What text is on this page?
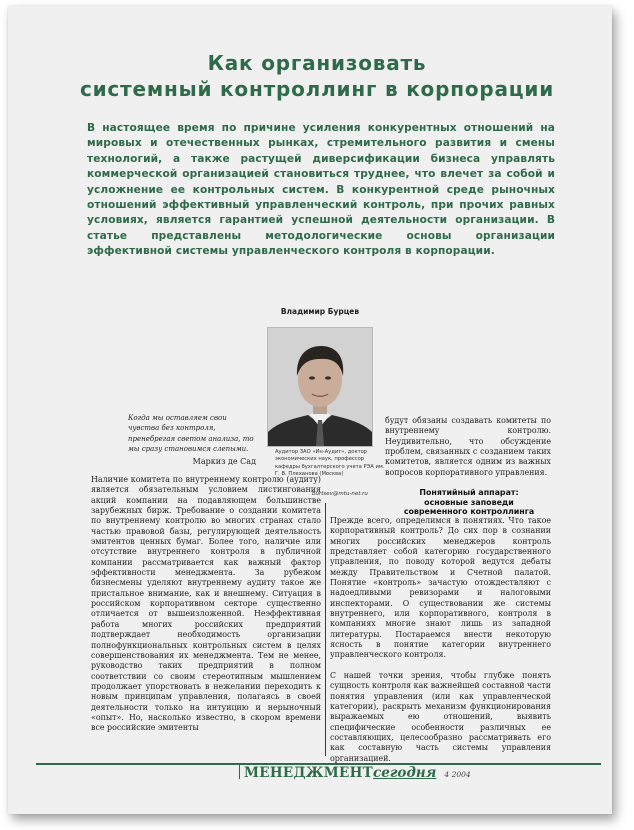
Как организовать
системный контроллинг в корпорации
В настоящее время по причине усиления конкурентных отношений на мировых и отечественных рынках, стремительного развития и смены технологий, а также растущей диверсификации бизнеса управлять коммерческой организацией становиться труднее, что влечет за собой и усложнение ее контрольных систем. В конкурентной среде рыночных отношений эффективный управленческий контроль, при прочих равных условиях, является гарантией успешной деятельности организации. В статье представлены методологические основы организации эффективной системы управленческого контроля в корпорации.
Владимир Бурцев
Аудитор ЗАО «Ин-Аудит», доктор экономических наук, профессор кафедры бухгалтерского учета РЭА им. Г. В. Плеханова (Москва)
burtsev@mtu-net.ru
Когда мы оставляем свои чувства без контроля, пренебрегая светом анализа, то мы сразу становимся слепыми.
Маркиз де Сад

Наличие комитета по внутреннему контролю (аудиту) является обязательным условием листингования акций компании на подавляющем большинстве зарубежных бирж. Требование о создании комитета по внутреннему контролю во многих странах стало частью правовой базы, регулирующей деятельность эмитентов ценных бумаг. Более того, наличие или отсутствие внутреннего контроля в публичной компании рассматривается как важный фактор эффективности менеджмента. За рубежом бизнесмены уделяют внутреннему аудиту такое же пристальное внимание, как и внешнему. Ситуация в российском корпоративном секторе существенно отличается от вышеизложенной. Неэффективная работа многих российских предприятий подтверждает необходимость организации полнофункциональных контрольных систем в целях совершенствования их менеджмента. Тем не менее, руководство таких предприятий в полном соответствии со своим стереотипным мышлением продолжает упорствовать в нежелании переходить к новым принципам управления, полагаясь в своей деятельности только на интуицию и нерыночный «опыт». Но, насколько известно, в скором времени все российские эмитенты

будут обязаны создавать комитеты по внутреннему контролю. Неудивительно, что обсуждение проблем, связанных с созданием таких комитетов, является одним из важных вопросов корпоративного управления.

Понятийный аппарат:
основные заповеди
современного контроллинга

Прежде всего, определимся в понятиях. Что такое корпоративный контроль? До сих пор в сознании многих российских менеджеров контроль представляет собой категорию государственного управления, по поводу которой ведутся дебаты между Правительством и Счетной палатой. Понятие «контроль» зачастую отождествляют с надоедливыми ревизорами и налоговыми инспекторами. О существовании же системы внутреннего, или корпоративного, контроля в компаниях многие знают лишь из западной литературы. Постараемся внести некоторую ясность в понятие категории внутреннего управленческого контроля.

С нашей точки зрения, чтобы глубже понять сущность контроля как важнейшей составной части понятия управления (или как управленческой категории), раскрыть механизм функционирования выражаемых ею отношений, выявить специфические особенности различных ее составляющих, целесообразно рассматривать его как составную часть системы управления организацией.

МЕНЕДЖМЕНТсегодня 4 2004
